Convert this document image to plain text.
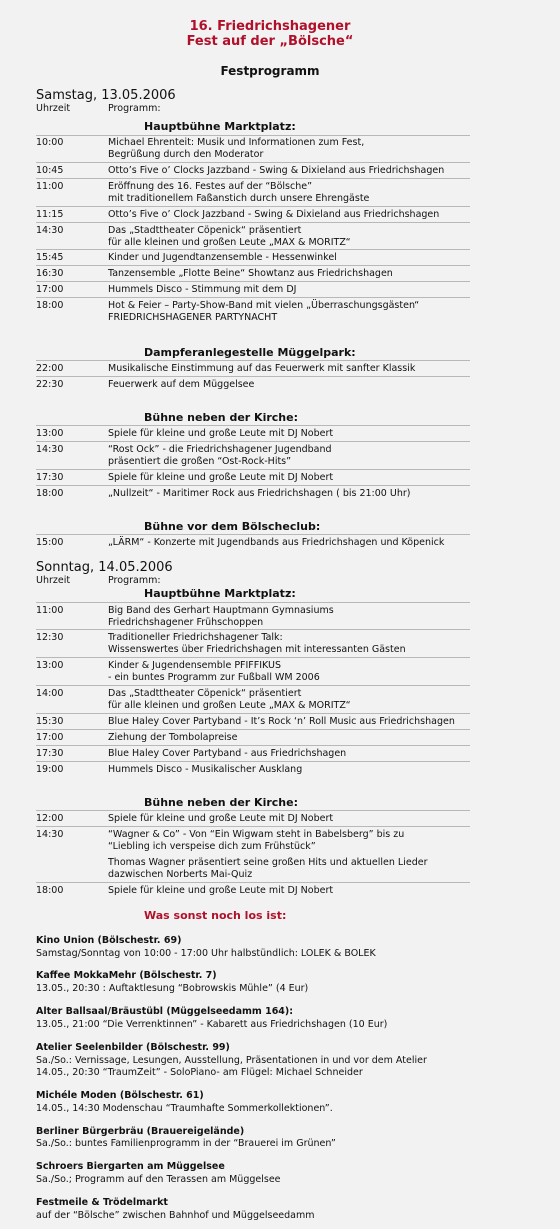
16. Friedrichshagener
Fest auf der „Bölsche“
Festprogramm
Samstag, 13.05.2006
Uhrzeit	Programm:
Hauptbühne Marktplatz:
10:00	Michael Ehrenteit: Musik und Informationen zum Fest,
Begrüßung durch den Moderator
10:45	Otto’s Five o’ Clocks Jazzband - Swing & Dixieland aus Friedrichshagen
11:00	Eröffnung des 16. Festes auf der “Bölsche”
mit traditionellem Faßanstich durch unsere Ehrengäste
11:15	Otto’s Five o’ Clock Jazzband - Swing & Dixieland aus Friedrichshagen
14:30	Das „Stadttheater Cöpenick“ präsentiert
für alle kleinen und großen Leute „MAX & MORITZ“
15:45	Kinder und Jugendtanzensemble - Hessenwinkel
16:30	Tanzensemble „Flotte Beine“ Showtanz aus Friedrichshagen
17:00	Hummels Disco - Stimmung mit dem DJ
18:00	Hot & Feier – Party-Show-Band mit vielen „Überraschungsgästen“
FRIEDRICHSHAGENER PARTYNACHT
Dampferanlegestelle Müggelpark:
22:00	Musikalische Einstimmung auf das Feuerwerk mit sanfter Klassik
22:30	Feuerwerk auf dem Müggelsee
Bühne neben der Kirche:
13:00	Spiele für kleine und große Leute mit DJ Nobert
14:30	“Rost Ock” - die Friedrichshagener Jugendband
präsentiert die großen “Ost-Rock-Hits”
17:30	Spiele für kleine und große Leute mit DJ Nobert
18:00	„Nullzeit“ - Maritimer Rock aus Friedrichshagen ( bis 21:00 Uhr)
Bühne vor dem Bölscheclub:
15:00	„LÄRM“ - Konzerte mit Jugendbands aus Friedrichshagen und Köpenick
Sonntag, 14.05.2006
Uhrzeit	Programm:
Hauptbühne Marktplatz:
11:00	Big Band des Gerhart Hauptmann Gymnasiums
Friedrichshagener Frühschoppen
12:30	Traditioneller Friedrichshagener Talk:
Wissenswertes über Friedrichshagen mit interessanten Gästen
13:00	Kinder & Jugendensemble PFIFFIKUS
- ein buntes Programm zur Fußball WM 2006
14:00	Das „Stadttheater Cöpenick“ präsentiert
für alle kleinen und großen Leute „MAX & MORITZ“
15:30	Blue Haley Cover Partyband - It’s Rock ‘n’ Roll Music aus Friedrichshagen
17:00	Ziehung der Tombolapreise
17:30	Blue Haley Cover Partyband - aus Friedrichshagen
19:00	Hummels Disco - Musikalischer Ausklang
Bühne neben der Kirche:
12:00	Spiele für kleine und große Leute mit DJ Nobert
14:30	“Wagner & Co” - Von “Ein Wigwam steht in Babelsberg” bis zu
“Liebling ich verspeise dich zum Frühstück”
Thomas Wagner präsentiert seine großen Hits und aktuellen Lieder
dazwischen Norberts Mai-Quiz
18:00	Spiele für kleine und große Leute mit DJ Nobert
Was sonst noch los ist:
Kino Union (Bölschestr. 69)
Samstag/Sonntag von 10:00 - 17:00 Uhr halbstündlich: LOLEK & BOLEK
Kaffee MokkaMehr (Bölschestr. 7)
13.05., 20:30 : Auftaktlesung “Bobrowskis Mühle” (4 Eur)
Alter Ballsaal/Bräustübl (Müggelseedamm 164):
13.05., 21:00 “Die Verrenktinnen” - Kabarett aus Friedrichshagen (10 Eur)
Atelier Seelenbilder (Bölschestr. 99)
Sa./So.: Vernissage, Lesungen, Ausstellung, Präsentationen in und vor dem Atelier
14.05., 20:30 “TraumZeit” - SoloPiano- am Flügel: Michael Schneider
Michéle Moden (Bölschestr. 61)
14.05., 14:30 Modenschau “Traumhafte Sommerkollektionen”.
Berliner Bürgerbräu (Brauereigelände)
Sa./So.: buntes Familienprogramm in der “Brauerei im Grünen”
Schroers Biergarten am Müggelsee
Sa./So.; Programm auf den Terassen am Müggelsee
Festmeile & Trödelmarkt
auf der “Bölsche” zwischen Bahnhof und Müggelseedamm
